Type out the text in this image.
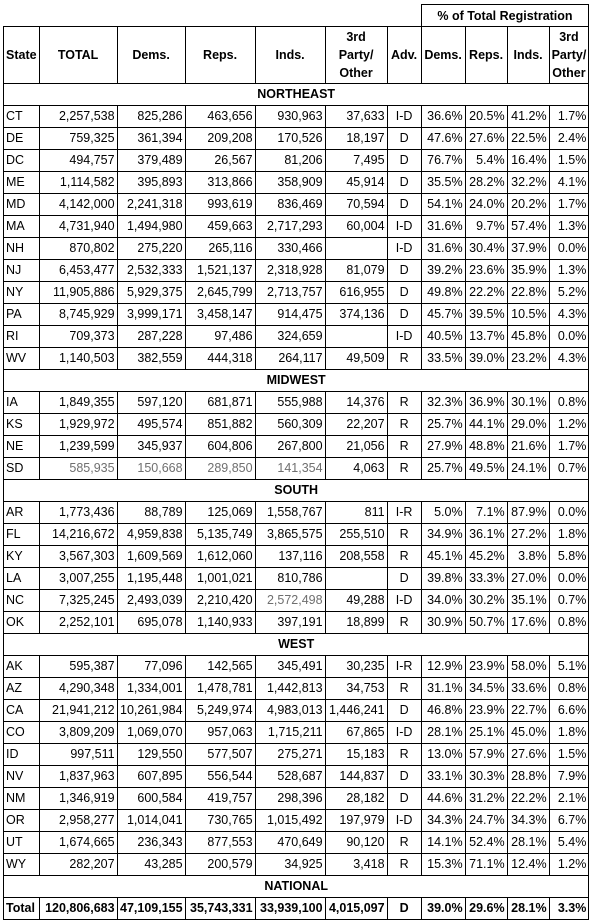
							% of Total Registration			
State	TOTAL	Dems.	Reps.	Inds.	3rd
Party/
Other	Adv.	Dems.	Reps.	Inds.	3rd
Party/
Other
NORTHEAST										
CT	2,257,538	825,286	463,656	930,963	37,633	I-D	36.6%	20.5%	41.2%	1.7%
DE	759,325	361,394	209,208	170,526	18,197	D	47.6%	27.6%	22.5%	2.4%
DC	494,757	379,489	26,567	81,206	7,495	D	76.7%	5.4%	16.4%	1.5%
ME	1,114,582	395,893	313,866	358,909	45,914	D	35.5%	28.2%	32.2%	4.1%
MD	4,142,000	2,241,318	993,619	836,469	70,594	D	54.1%	24.0%	20.2%	1.7%
MA	4,731,940	1,494,980	459,663	2,717,293	60,004	I-D	31.6%	9.7%	57.4%	1.3%
NH	870,802	275,220	265,116	330,466		I-D	31.6%	30.4%	37.9%	0.0%
NJ	6,453,477	2,532,333	1,521,137	2,318,928	81,079	D	39.2%	23.6%	35.9%	1.3%
NY	11,905,886	5,929,375	2,645,799	2,713,757	616,955	D	49.8%	22.2%	22.8%	5.2%
PA	8,745,929	3,999,171	3,458,147	914,475	374,136	D	45.7%	39.5%	10.5%	4.3%
RI	709,373	287,228	97,486	324,659		I-D	40.5%	13.7%	45.8%	0.0%
WV	1,140,503	382,559	444,318	264,117	49,509	R	33.5%	39.0%	23.2%	4.3%
MIDWEST										
IA	1,849,355	597,120	681,871	555,988	14,376	R	32.3%	36.9%	30.1%	0.8%
KS	1,929,972	495,574	851,882	560,309	22,207	R	25.7%	44.1%	29.0%	1.2%
NE	1,239,599	345,937	604,806	267,800	21,056	R	27.9%	48.8%	21.6%	1.7%
SD	585,935	150,668	289,850	141,354	4,063	R	25.7%	49.5%	24.1%	0.7%
SOUTH										
AR	1,773,436	88,789	125,069	1,558,767	811	I-R	5.0%	7.1%	87.9%	0.0%
FL	14,216,672	4,959,838	5,135,749	3,865,575	255,510	R	34.9%	36.1%	27.2%	1.8%
KY	3,567,303	1,609,569	1,612,060	137,116	208,558	R	45.1%	45.2%	3.8%	5.8%
LA	3,007,255	1,195,448	1,001,021	810,786		D	39.8%	33.3%	27.0%	0.0%
NC	7,325,245	2,493,039	2,210,420	2,572,498	49,288	I-D	34.0%	30.2%	35.1%	0.7%
OK	2,252,101	695,078	1,140,933	397,191	18,899	R	30.9%	50.7%	17.6%	0.8%
WEST										
AK	595,387	77,096	142,565	345,491	30,235	I-R	12.9%	23.9%	58.0%	5.1%
AZ	4,290,348	1,334,001	1,478,781	1,442,813	34,753	R	31.1%	34.5%	33.6%	0.8%
CA	21,941,212	10,261,984	5,249,974	4,983,013	1,446,241	D	46.8%	23.9%	22.7%	6.6%
CO	3,809,209	1,069,070	957,063	1,715,211	67,865	I-D	28.1%	25.1%	45.0%	1.8%
ID	997,511	129,550	577,507	275,271	15,183	R	13.0%	57.9%	27.6%	1.5%
NV	1,837,963	607,895	556,544	528,687	144,837	D	33.1%	30.3%	28.8%	7.9%
NM	1,346,919	600,584	419,757	298,396	28,182	D	44.6%	31.2%	22.2%	2.1%
OR	2,958,277	1,014,041	730,765	1,015,492	197,979	I-D	34.3%	24.7%	34.3%	6.7%
UT	1,674,665	236,343	877,553	470,649	90,120	R	14.1%	52.4%	28.1%	5.4%
WY	282,207	43,285	200,579	34,925	3,418	R	15.3%	71.1%	12.4%	1.2%
NATIONAL										
Total	120,806,683	47,109,155	35,743,331	33,939,100	4,015,097	D	39.0%	29.6%	28.1%	3.3%
